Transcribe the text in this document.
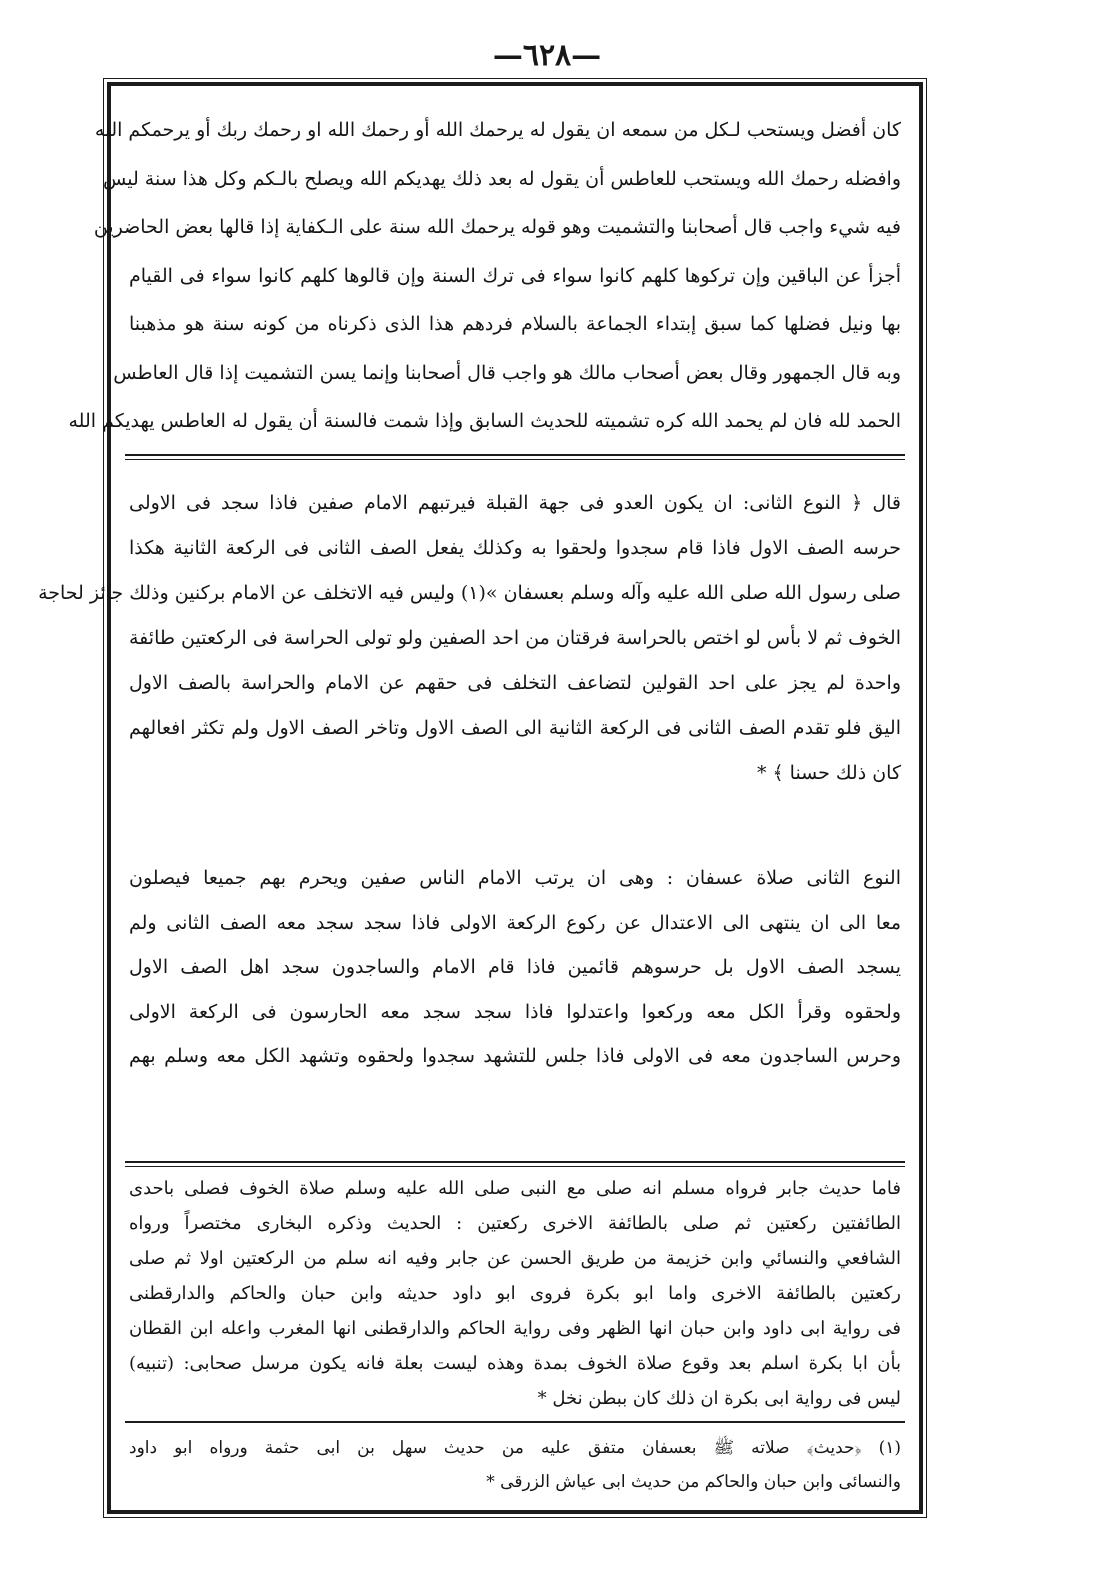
—٦٢٨—
كان أفضل ويستحب لـكل من سمعه ان يقول له يرحمك الله أو رحمك الله او رحمك ربك أو يرحمكم الله
وافضله رحمك الله ويستحب للعاطس أن يقول له بعد ذلك يهديكم الله ويصلح بالـكم وكل هذا سنة ليس
فيه شيء واجب قال أصحابنا والتشميت وهو قوله يرحمك الله سنة على الـكفاية إذا قالها بعض الحاضرين
أجزأ عن الباقين وإن تركوها كلهم كانوا سواء فى ترك السنة وإن قالوها كلهم كانوا سواء فى القيام
بها ونيل فضلها كما سبق إبتداء الجماعة بالسلام فردهم هذا الذى ذكرناه من كونه سنة هو مذهبنا
وبه قال الجمهور وقال بعض أصحاب مالك هو واجب قال أصحابنا وإنما يسن التشميت إذا قال العاطس
الحمد لله فان لم يحمد الله كره تشميته للحديث السابق وإذا شمت فالسنة أن يقول له العاطس يهديكم الله
قال ﴿ النوع الثانى: ان يكون العدو فى جهة القبلة فيرتبهم الامام صفين فاذا سجد فى الاولى
حرسه الصف الاول فاذا قام سجدوا ولحقوا به وكذلك يفعل الصف الثانى فى الركعة الثانية هكذا
صلى رسول الله صلى الله عليه وآله وسلم بعسفان »(١) وليس فيه الاتخلف عن الامام بركنين وذلك جائز لحاجة
الخوف ثم لا بأس لو اختص بالحراسة فرقتان من احد الصفين ولو تولى الحراسة فى الركعتين طائفة
واحدة لم يجز على احد القولين لتضاعف التخلف فى حقهم عن الامام والحراسة بالصف الاول
اليق فلو تقدم الصف الثانى فى الركعة الثانية الى الصف الاول وتاخر الصف الاول ولم تكثر افعالهم
كان ذلك حسنا ﴾ *
النوع الثانى صلاة عسفان : وهى ان يرتب الامام الناس صفين ويحرم بهم جميعا فيصلون
معا الى ان ينتهى الى الاعتدال عن ركوع الركعة الاولى فاذا سجد سجد معه الصف الثانى ولم
يسجد الصف الاول بل حرسوهم قائمين فاذا قام الامام والساجدون سجد اهل الصف الاول
ولحقوه وقرأ الكل معه وركعوا واعتدلوا فاذا سجد سجد معه الحارسون فى الركعة الاولى
وحرس الساجدون معه فى الاولى فاذا جلس للتشهد سجدوا ولحقوه وتشهد الكل معه وسلم بهم
فاما حديث جابر فرواه مسلم انه صلى مع النبى صلى الله عليه وسلم صلاة الخوف فصلى باحدى
الطائفتين ركعتين ثم صلى بالطائفة الاخرى ركعتين : الحديث وذكره البخارى مختصراً ورواه
الشافعي والنسائي وابن خزيمة من طريق الحسن عن جابر وفيه انه سلم من الركعتين اولا ثم صلى
ركعتين بالطائفة الاخرى واما ابو بكرة فروى ابو داود حديثه وابن حبان والحاكم والدارقطنى
فى رواية ابى داود وابن حبان انها الظهر وفى رواية الحاكم والدارقطنى انها المغرب واعله ابن القطان
بأن ابا بكرة اسلم بعد وقوع صلاة الخوف بمدة وهذه ليست بعلة فانه يكون مرسل صحابى: (تنبيه)
ليس فى رواية ابى بكرة ان ذلك كان ببطن نخل *
(١) ﴿حديث﴾ صلاته ﷺ بعسفان متفق عليه من حديث سهل بن ابى حثمة ورواه ابو داود
والنسائى وابن حبان والحاكم من حديث ابى عياش الزرقى *
